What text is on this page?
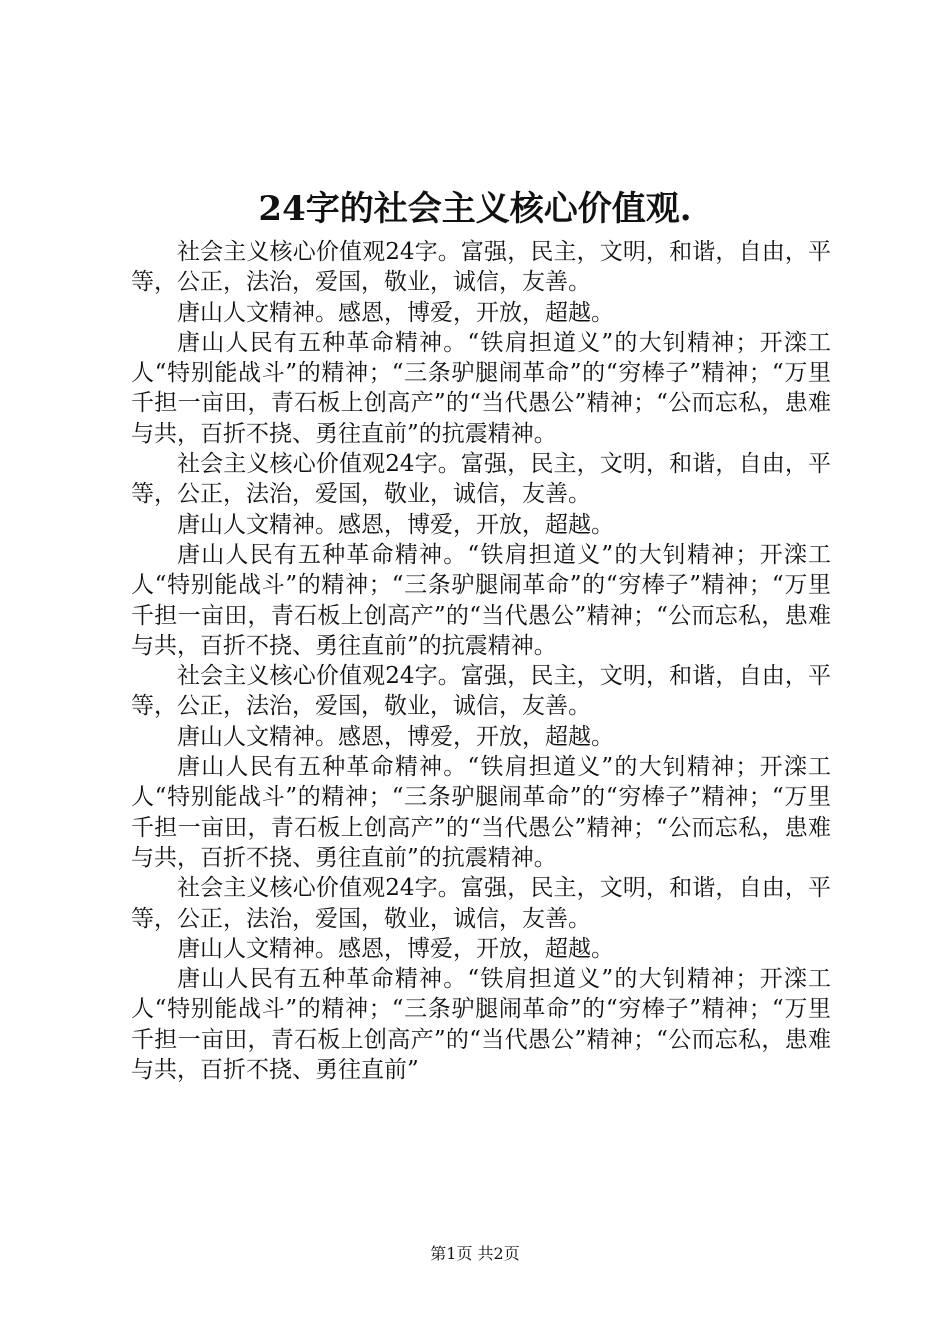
24字的社会主义核心价值观.

社会主义核心价值观24字。富强，民主，文明，和谐，自由，平等，公正，法治，爱国，敬业，诚信，友善。

唐山人文精神。感恩，博爱，开放，超越。

唐山人民有五种革命精神。“铁肩担道义”的大钊精神；开滦工人“特别能战斗”的精神；“三条驴腿闹革命”的“穷棒子”精神；“万里千担一亩田，青石板上创高产”的“当代愚公”精神；“公而忘私，患难与共，百折不挠、勇往直前”的抗震精神。

社会主义核心价值观24字。富强，民主，文明，和谐，自由，平等，公正，法治，爱国，敬业，诚信，友善。

唐山人文精神。感恩，博爱，开放，超越。

唐山人民有五种革命精神。“铁肩担道义”的大钊精神；开滦工人“特别能战斗”的精神；“三条驴腿闹革命”的“穷棒子”精神；“万里千担一亩田，青石板上创高产”的“当代愚公”精神；“公而忘私，患难与共，百折不挠、勇往直前”的抗震精神。

社会主义核心价值观24字。富强，民主，文明，和谐，自由，平等，公正，法治，爱国，敬业，诚信，友善。

唐山人文精神。感恩，博爱，开放，超越。

唐山人民有五种革命精神。“铁肩担道义”的大钊精神；开滦工人“特别能战斗”的精神；“三条驴腿闹革命”的“穷棒子”精神；“万里千担一亩田，青石板上创高产”的“当代愚公”精神；“公而忘私，患难与共，百折不挠、勇往直前”的抗震精神。

社会主义核心价值观24字。富强，民主，文明，和谐，自由，平等，公正，法治，爱国，敬业，诚信，友善。

唐山人文精神。感恩，博爱，开放，超越。

唐山人民有五种革命精神。“铁肩担道义”的大钊精神；开滦工人“特别能战斗”的精神；“三条驴腿闹革命”的“穷棒子”精神；“万里千担一亩田，青石板上创高产”的“当代愚公”精神；“公而忘私，患难与共，百折不挠、勇往直前”

第1页 共2页
